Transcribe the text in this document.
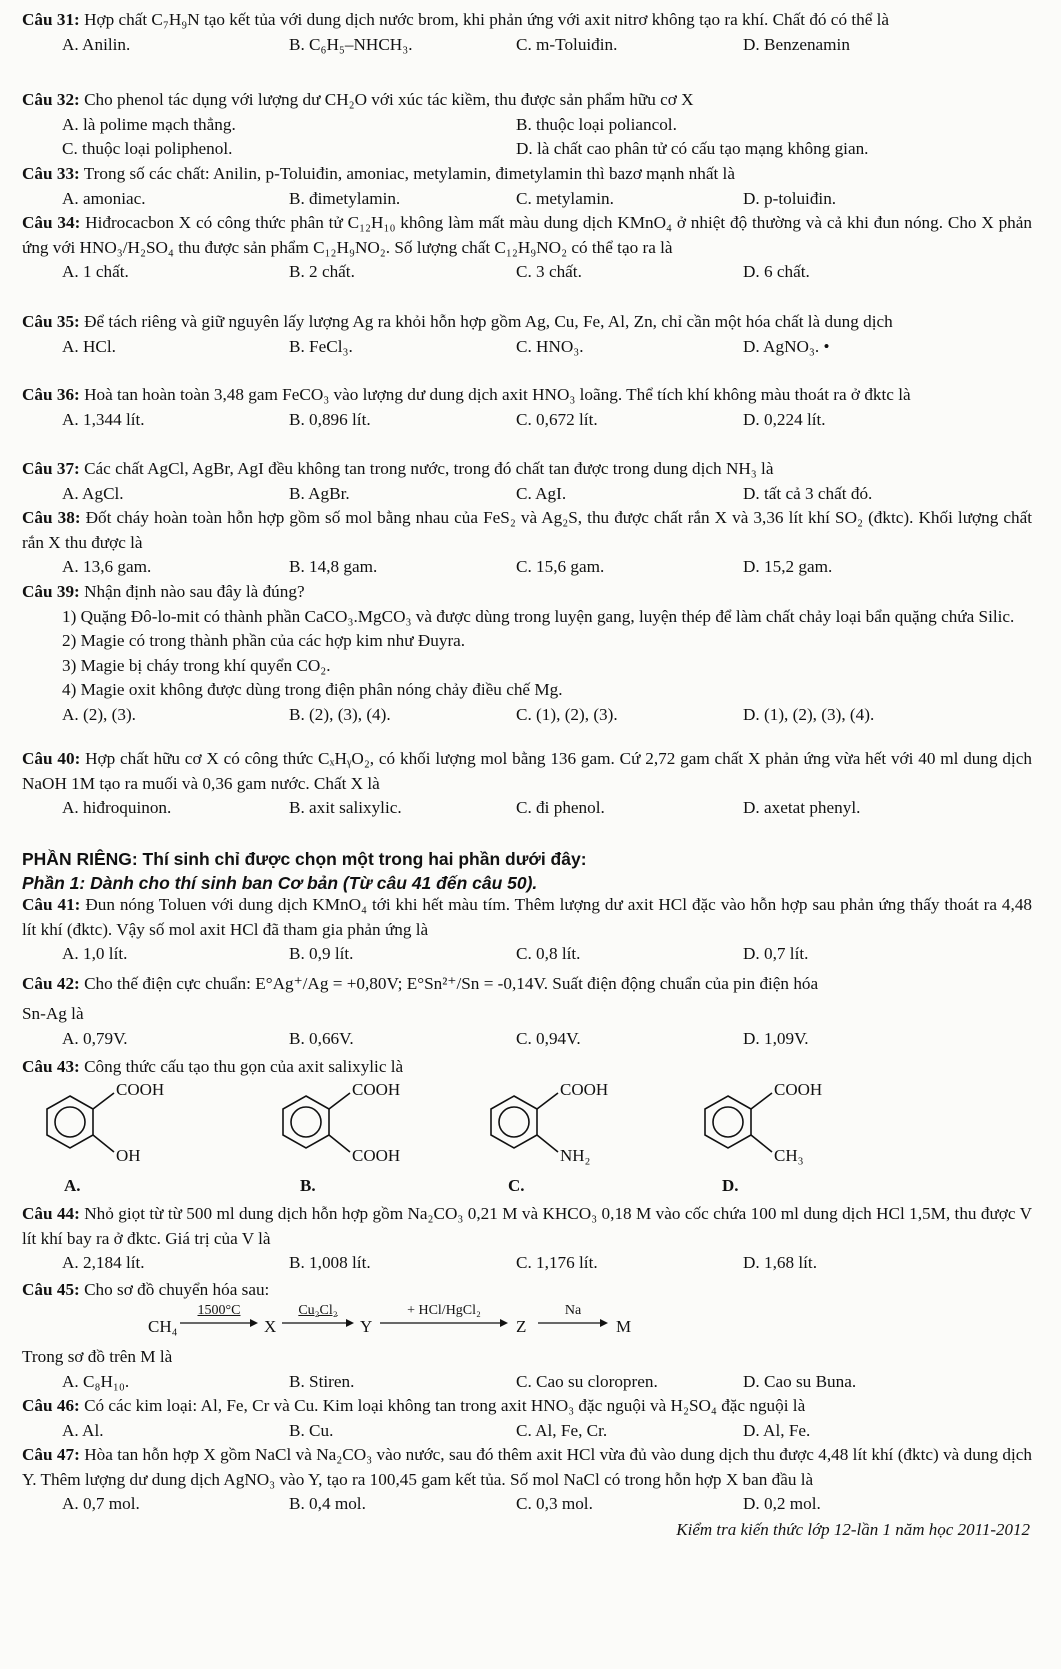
Câu 31: Hợp chất C₇H₉N tạo kết tủa với dung dịch nước brom, khi phản ứng với axit nitrơ không tạo ra khí. Chất đó có thể là
A. Anilin.	B. C₆H₅–NHCH₃.	C. m-Toluiđin.	D. Benzenamin
Câu 32: Cho phenol tác dụng với lượng dư CH₂O với xúc tác kiềm, thu được sản phẩm hữu cơ X
A. là polime mạch thẳng.	B. thuộc loại poliancol.
C. thuộc loại poliphenol.	D. là chất cao phân tử có cấu tạo mạng không gian.
Câu 33: Trong số các chất: Anilin, p-Toluiđin, amoniac, metylamin, đimetylamin thì bazơ mạnh nhất là
A. amoniac.	B. đimetylamin.	C. metylamin.	D. p-toluiđin.
Câu 34: Hiđrocacbon X có công thức phân tử C₁₂H₁₀ không làm mất màu dung dịch KMnO₄ ở nhiệt độ thường và cả khi đun nóng. Cho X phản ứng với HNO₃/H₂SO₄ thu được sản phẩm C₁₂H₉NO₂. Số lượng chất C₁₂H₉NO₂ có thể tạo ra là
A. 1 chất.	B. 2 chất.	C. 3 chất.	D. 6 chất.
Câu 35: Để tách riêng và giữ nguyên lấy lượng Ag ra khỏi hỗn hợp gồm Ag, Cu, Fe, Al, Zn, chỉ cần một hóa chất là dung dịch
A. HCl.	B. FeCl₃.	C. HNO₃.	D. AgNO₃. •
Câu 36: Hoà tan hoàn toàn 3,48 gam FeCO₃ vào lượng dư dung dịch axit HNO₃ loãng. Thể tích khí không màu thoát ra ở đktc là
A. 1,344 lít.	B. 0,896 lít.	C. 0,672 lít.	D. 0,224 lít.
Câu 37: Các chất AgCl, AgBr, AgI đều không tan trong nước, trong đó chất tan được trong dung dịch NH₃ là
A. AgCl.	B. AgBr.	C. AgI.	D. tất cả 3 chất đó.
Câu 38: Đốt cháy hoàn toàn hỗn hợp gồm số mol bằng nhau của FeS₂ và Ag₂S, thu được chất rắn X và 3,36 lít khí SO₂ (đktc). Khối lượng chất rắn X thu được là
A. 13,6 gam.	B. 14,8 gam.	C. 15,6 gam.	D. 15,2 gam.
Câu 39: Nhận định nào sau đây là đúng?
1) Quặng Đô-lo-mit có thành phần CaCO₃.MgCO₃ và được dùng trong luyện gang, luyện thép để làm chất chảy loại bẩn quặng chứa Silic.
2) Magie có trong thành phần của các hợp kim như Đuyra.
3) Magie bị cháy trong khí quyển CO₂.
4) Magie oxit không được dùng trong điện phân nóng chảy điều chế Mg.
A. (2), (3).	B. (2), (3), (4).	C. (1), (2), (3).	D. (1), (2), (3), (4).
Câu 40: Hợp chất hữu cơ X có công thức CₓHᵧO₂, có khối lượng mol bằng 136 gam. Cứ 2,72 gam chất X phản ứng vừa hết với 40 ml dung dịch NaOH 1M tạo ra muối và 0,36 gam nước. Chất X là
A. hiđroquinon.	B. axit salixylic.	C. đi phenol.	D. axetat phenyl.
PHẦN RIÊNG: Thí sinh chỉ được chọn một trong hai phần dưới đây:
Phần 1: Dành cho thí sinh ban Cơ bản (Từ câu 41 đến câu 50).
Câu 41: Đun nóng Toluen với dung dịch KMnO₄ tới khi hết màu tím. Thêm lượng dư axit HCl đặc vào hỗn hợp sau phản ứng thấy thoát ra 4,48 lít khí (đktc). Vậy số mol axit HCl đã tham gia phản ứng là
A. 1,0 lít.	B. 0,9 lít.	C. 0,8 lít.	D. 0,7 lít.
Câu 42: Cho thế điện cực chuẩn: E°Ag⁺/Ag = +0,80V; E°Sn²⁺/Sn = -0,14V. Suất điện động chuẩn của pin điện hóa
Sn-Ag là
A. 0,79V.	B. 0,66V.	C. 0,94V.	D. 1,09V.
Câu 43: Công thức cấu tạo thu gọn của axit salixylic là
COOH
OH
A.
COOH
COOH
B.
COOH
NH₂
C.
COOH
CH₃
D.
Câu 44: Nhỏ giọt từ từ 500 ml dung dịch hỗn hợp gồm Na₂CO₃ 0,21 M và KHCO₃ 0,18 M vào cốc chứa 100 ml dung dịch HCl 1,5M, thu được V lít khí bay ra ở đktc. Giá trị của V là
A. 2,184 lít.	B. 1,008 lít.	C. 1,176 lít.	D. 1,68 lít.
Câu 45: Cho sơ đồ chuyển hóa sau:
CH₄
1500°C
X
Cu₂Cl₂
Y
+ HCl/HgCl₂
Z
Na
M
Trong sơ đồ trên M là
A. C₈H₁₀.	B. Stiren.	C. Cao su cloropren.	D. Cao su Buna.
Câu 46: Có các kim loại: Al, Fe, Cr và Cu. Kim loại không tan trong axit HNO₃ đặc nguội và H₂SO₄ đặc nguội là
A. Al.	B. Cu.	C. Al, Fe, Cr.	D. Al, Fe.
Câu 47: Hòa tan hỗn hợp X gồm NaCl và Na₂CO₃ vào nước, sau đó thêm axit HCl vừa đủ vào dung dịch thu được 4,48 lít khí (đktc) và dung dịch Y. Thêm lượng dư dung dịch AgNO₃ vào Y, tạo ra 100,45 gam kết tủa. Số mol NaCl có trong hỗn hợp X ban đầu là
A. 0,7 mol.	B. 0,4 mol.	C. 0,3 mol.	D. 0,2 mol.
Kiểm tra kiến thức lớp 12-lần 1 năm học 2011-2012
